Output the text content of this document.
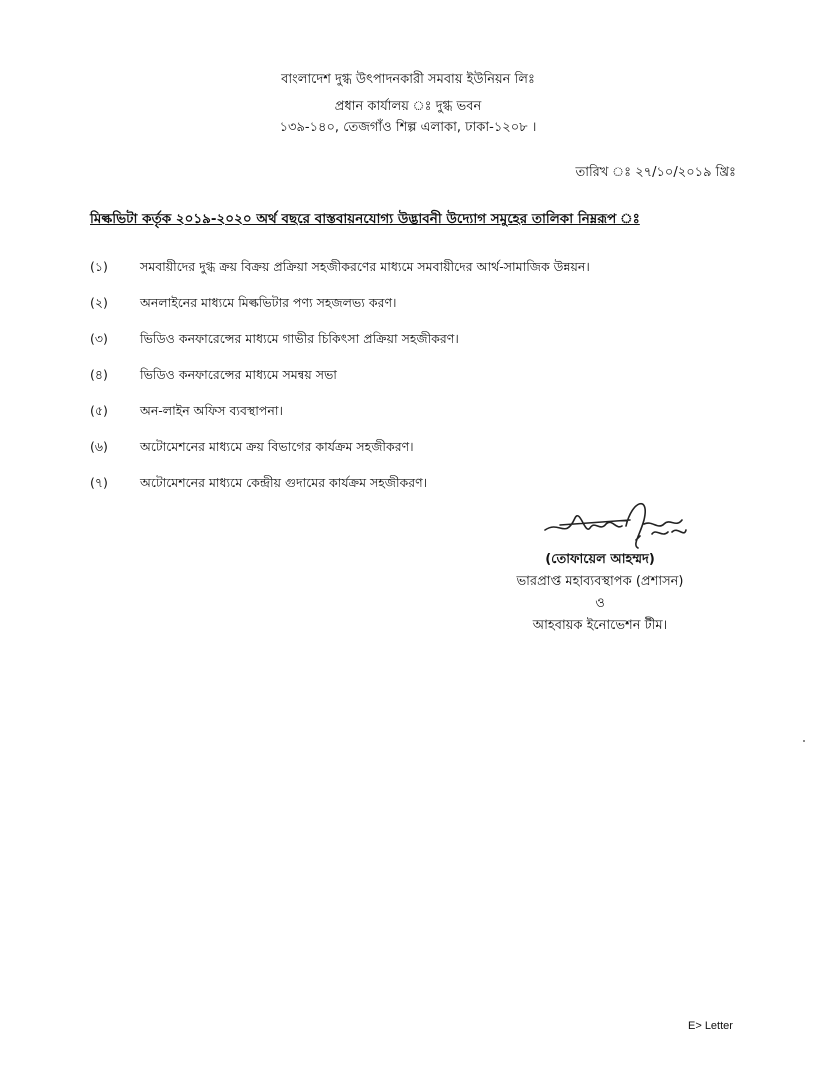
বাংলাদেশ দুগ্ধ উৎপাদনকারী সমবায় ইউনিয়ন লিঃ
প্রধান কার্যালয় ঃ দুগ্ধ ভবন
১৩৯-১৪০, তেজগাঁও শিল্প এলাকা, ঢাকা-১২০৮ ।
তারিখ ঃ ২৭/১০/২০১৯ খ্রিঃ
মিল্কভিটা কর্তৃক ২০১৯-২০২০ অর্থ বছরে বাস্তবায়নযোগ্য উদ্ভাবনী উদ্যোগ সমুহের তালিকা নিম্নরূপ ঃ
(১)	সমবায়ীদের দুগ্ধ ক্রয় বিক্রয় প্রক্রিয়া সহজীকরণের মাধ্যমে সমবায়ীদের আর্থ-সামাজিক উন্নয়ন।
(২)	অনলাইনের মাধ্যমে মিল্কভিটার পণ্য সহজলভ্য করণ।
(৩)	ভিডিও কনফারেন্সের মাধ্যমে গাভীর চিকিৎসা প্রক্রিয়া সহজীকরণ।
(৪)	ভিডিও কনফারেন্সের মাধ্যমে সমন্বয় সভা
(৫)	অন-লাইন অফিস ব্যবস্থাপনা।
(৬)	অটোমেশনের মাধ্যমে ক্রয় বিভাগের কার্যক্রম সহজীকরণ।
(৭)	অটোমেশনের মাধ্যমে কেন্দ্রীয় গুদামের কার্যক্রম সহজীকরণ।
(তোফায়েল আহম্মদ)
ভারপ্রাপ্ত মহাব্যবস্থাপক (প্রশাসন)
ও
আহবায়ক ইনোভেশন টীম।
E> Letter
